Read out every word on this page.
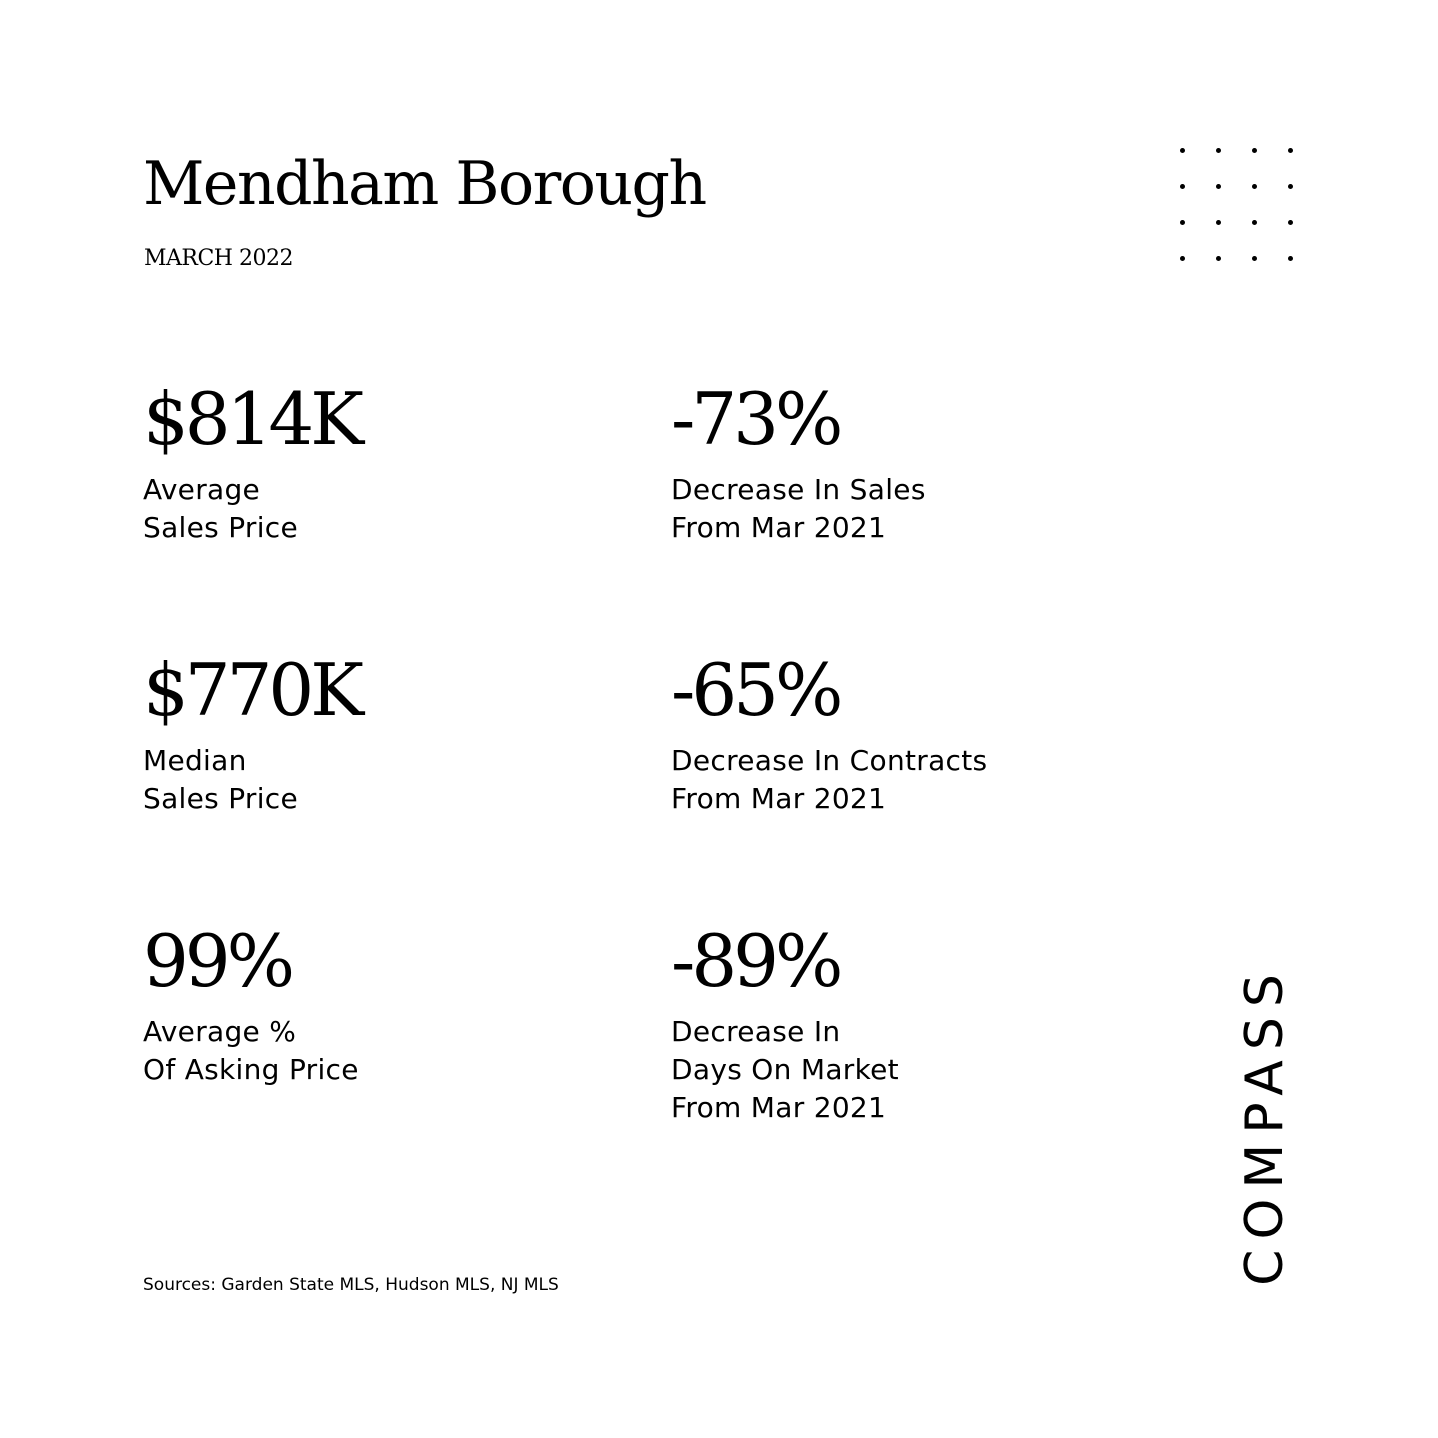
Mendham Borough
MARCH 2022
$814K
Average
Sales Price
-73%
Decrease In Sales
From Mar 2021
$770K
Median
Sales Price
-65%
Decrease In Contracts
From Mar 2021
99%
Average %
Of Asking Price
-89%
Decrease In
Days On Market
From Mar 2021
Sources: Garden State MLS, Hudson MLS, NJ MLS	COMPASS
